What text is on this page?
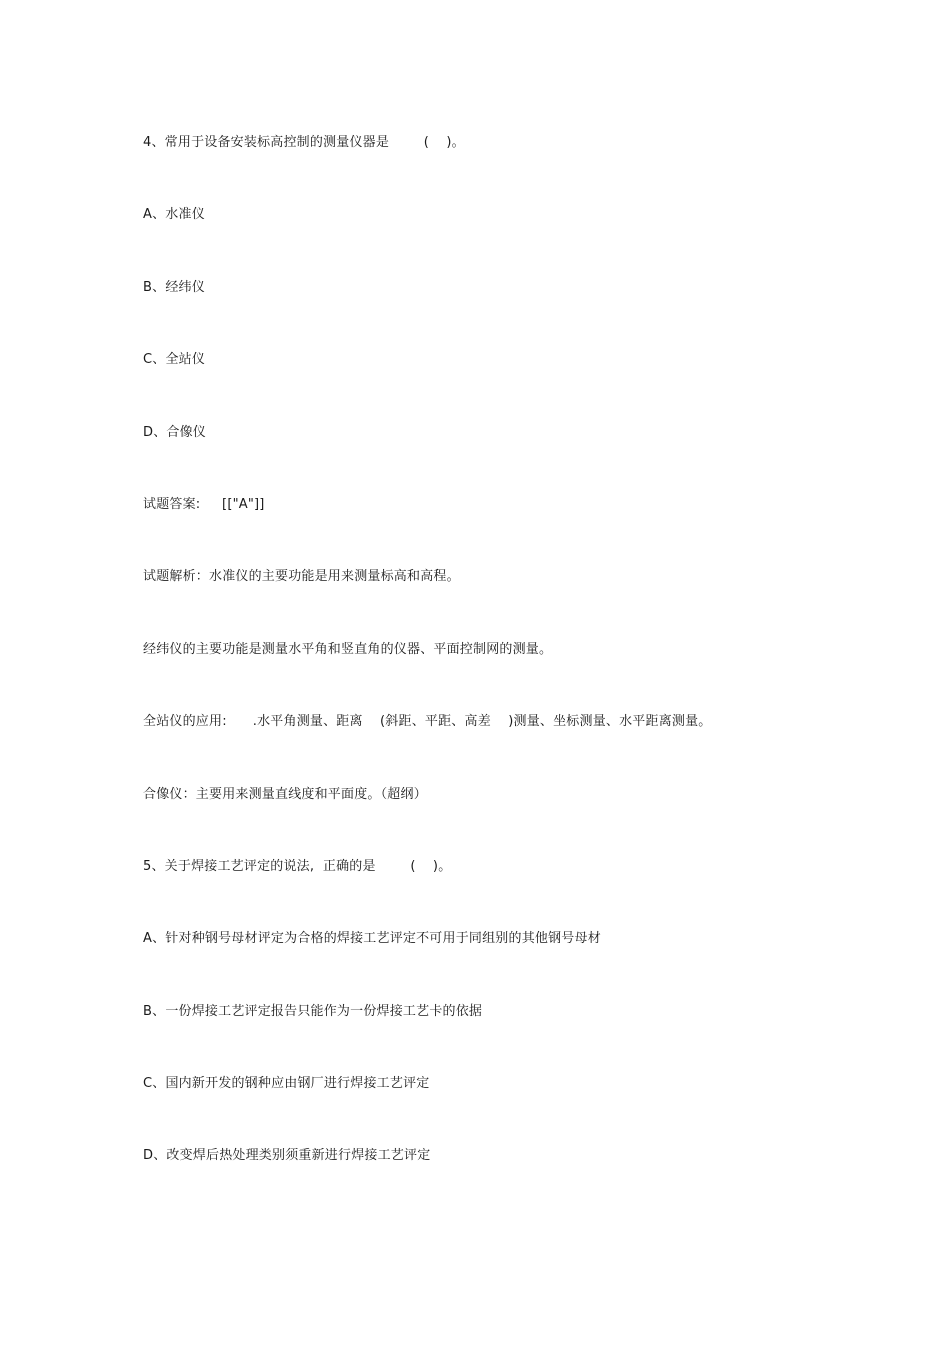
4、常用于设备安装标高控制的测量仪器是        (    )。
A、水准仪
B、经纬仪
C、全站仪
D、合像仪
试题答案:     [["A"]]
试题解析：水准仪的主要功能是用来测量标高和高程。
经纬仪的主要功能是测量水平角和竖直角的仪器、平面控制网的测量。
全站仪的应用:      .水平角测量、距离    (斜距、平距、高差    )测量、坐标测量、水平距离测量。
合像仪：主要用来测量直线度和平面度。（超纲）
5、关于焊接工艺评定的说法,  正确的是        (    )。
A、针对种钢号母材评定为合格的焊接工艺评定不可用于同组别的其他钢号母材
B、一份焊接工艺评定报告只能作为一份焊接工艺卡的依据
C、国内新开发的钢种应由钢厂进行焊接工艺评定
D、改变焊后热处理类别须重新进行焊接工艺评定
